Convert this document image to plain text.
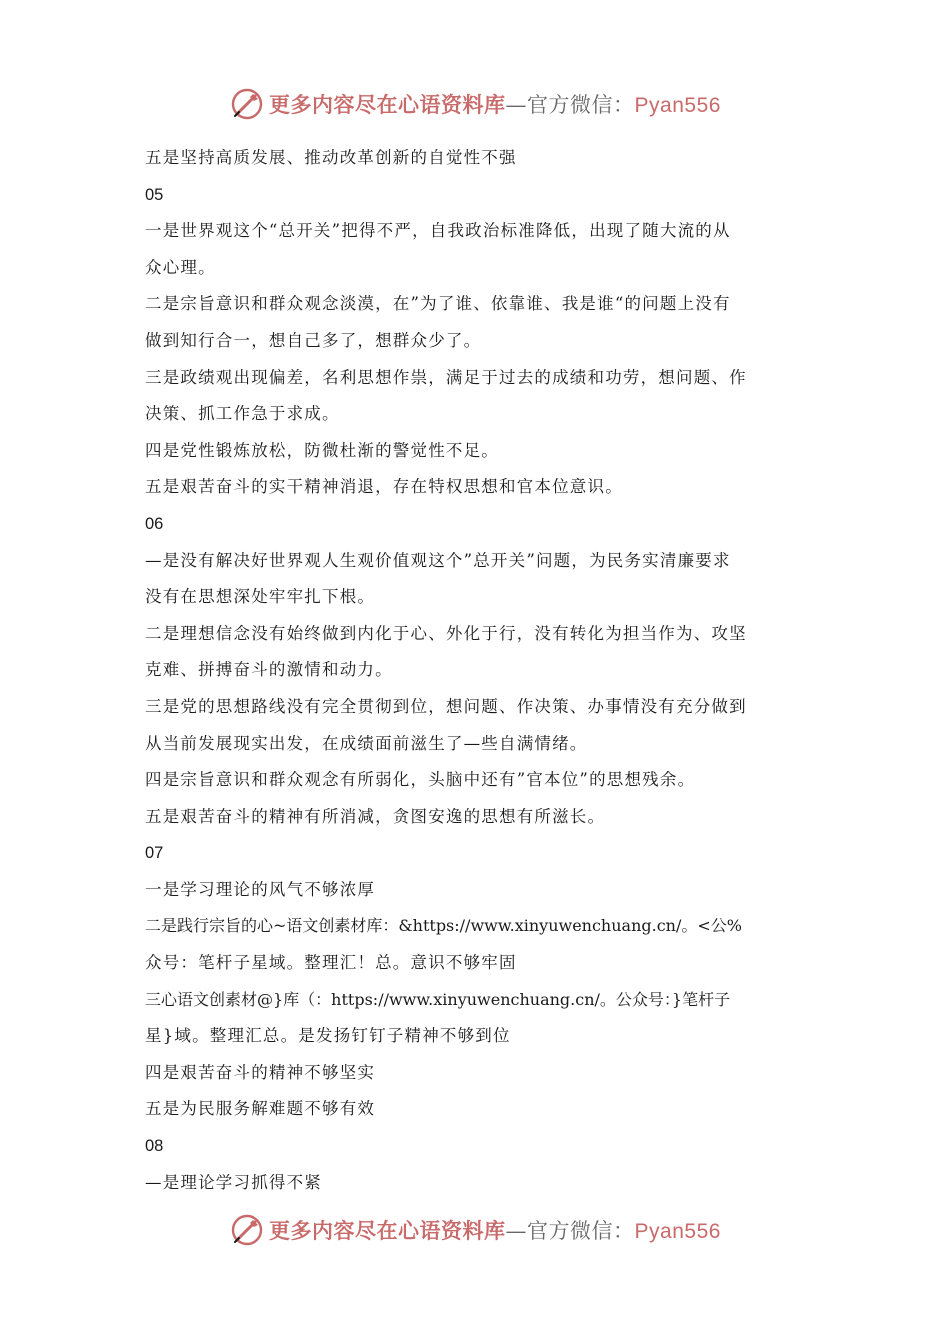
更多内容尽在心语资料库—官方微信：Pyan556
五是坚持高质发展、推动改革创新的自觉性不强
05
一是世界观这个“总开关”把得不严，自我政治标准降低，出现了随大流的从
众心理。
二是宗旨意识和群众观念淡漠，在”为了谁、依靠谁、我是谁“的问题上没有
做到知行合一，想自己多了，想群众少了。
三是政绩观出现偏差，名利思想作祟，满足于过去的成绩和功劳，想问题、作
决策、抓工作急于求成。
四是党性锻炼放松，防微杜渐的警觉性不足。
五是艰苦奋斗的实干精神消退，存在特权思想和官本位意识。
06
—是没有解决好世界观人生观价值观这个”总开关”问题，为民务实清廉要求
没有在思想深处牢牢扎下根。
二是理想信念没有始终做到内化于心、外化于行，没有转化为担当作为、攻坚
克难、拼搏奋斗的激情和动力。
三是党的思想路线没有完全贯彻到位，想问题、作决策、办事情没有充分做到
从当前发展现实出发，在成绩面前滋生了—些自满情绪。
四是宗旨意识和群众观念有所弱化，头脑中还有”官本位”的思想残余。
五是艰苦奋斗的精神有所消减，贪图安逸的思想有所滋长。
07
一是学习理论的风气不够浓厚
二是践行宗旨的心~语文创素材库：&https://www.xinyuwenchuang.cn/。<公%
众号：笔杆子星域。整理汇！总。意识不够牢固
三心语文创素材@}库（：https://www.xinyuwenchuang.cn/。公众号：}笔杆子
星}域。整理汇总。是发扬钉钉子精神不够到位
四是艰苦奋斗的精神不够坚实
五是为民服务解难题不够有效
08
—是理论学习抓得不紧
更多内容尽在心语资料库—官方微信：Pyan556
